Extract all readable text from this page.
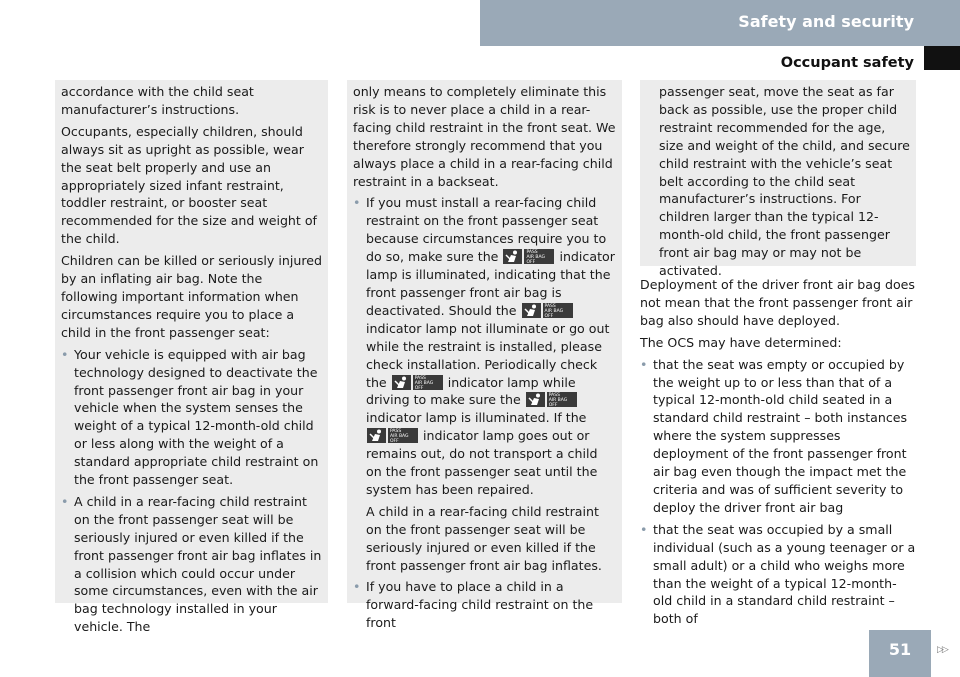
Safety and security
Occupant safety

accordance with the child seat manufacturer’s instructions.

Occupants, especially children, should always sit as upright as possible, wear the seat belt properly and use an appropriately sized infant restraint, toddler restraint, or booster seat recommended for the size and weight of the child.

Children can be killed or seriously injured by an inflating air bag. Note the following important information when circumstances require you to place a child in the front passenger seat:

• Your vehicle is equipped with air bag technology designed to deactivate the front passenger front air bag in your vehicle when the system senses the weight of a typical 12-month-old child or less along with the weight of a standard appropriate child restraint on the front passenger seat.
• A child in a rear-facing child restraint on the front passenger seat will be seriously injured or even killed if the front passenger front air bag inflates in a collision which could occur under some circumstances, even with the air bag technology installed in your vehicle. The

only means to completely eliminate this risk is to never place a child in a rear-facing child restraint in the front seat. We therefore strongly recommend that you always place a child in a rear-facing child restraint in a backseat.

• If you must install a rear-facing child restraint on the front passenger seat because circumstances require you to do so, make sure the	PASS
AIR BAG OFF	indicator lamp is illuminated, indicating that the front passenger front air bag is deactivated. Should the	PASS
AIR BAG OFF
indicator lamp not illuminate or go out while the restraint is installed, please check installation. Periodically check the	PASS
AIR BAG OFF	indicator lamp while driving to make sure the	PASS
AIR BAG OFF
indicator lamp is illuminated. If the
PASS
AIR BAG OFF	indicator lamp goes out or remains out, do not transport a child on the front passenger seat until the system has been repaired.

A child in a rear-facing child restraint on the front passenger seat will be seriously injured or even killed if the front passenger front air bag inflates.

• If you have to place a child in a forward-facing child restraint on the front

passenger seat, move the seat as far back as possible, use the proper child restraint recommended for the age, size and weight of the child, and secure child restraint with the vehicle’s seat belt according to the child seat manufacturer’s instructions. For children larger than the typical 12-month-old child, the front passenger front air bag may or may not be activated.

Deployment of the driver front air bag does not mean that the front passenger front air bag also should have deployed.

The OCS may have determined:

• that the seat was empty or occupied by the weight up to or less than that of a typical 12-month-old child seated in a standard child restraint – both instances where the system suppresses deployment of the front passenger front air bag even though the impact met the criteria and was of sufficient severity to deploy the driver front air bag
• that the seat was occupied by a small individual (such as a young teenager or a small adult) or a child who weighs more than the weight of a typical 12-month-old child in a standard child restraint – both of
▷▷
51
